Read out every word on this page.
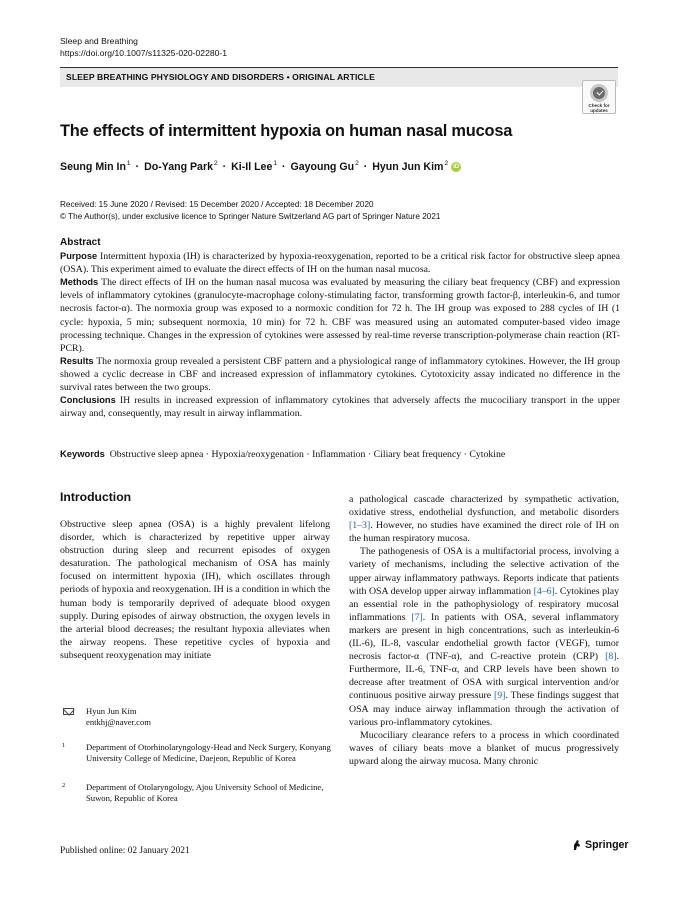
Sleep and Breathing
https://doi.org/10.1007/s11325-020-02280-1
SLEEP BREATHING PHYSIOLOGY AND DISORDERS • ORIGINAL ARTICLE
Check for updates
The effects of intermittent hypoxia on human nasal mucosa
Seung Min $In^1$ · Do-Yang Park$^2$ · Ki-Il Lee$^1$ · Gayoung $Gu^2$ · Hyun Jun Kim$^2$ iD
Received: 15 June 2020 / Revised: 15 December 2020 / Accepted: 18 December 2020
© The Author(s), under exclusive licence to Springer Nature Switzerland AG part of Springer Nature 2021
Abstract

Purpose Intermittent hypoxia (IH) is characterized by hypoxia-reoxygenation, reported to be a critical risk factor for obstructive sleep apnea (OSA). This experiment aimed to evaluate the direct effects of IH on the human nasal mucosa.

Methods The direct effects of IH on the human nasal mucosa was evaluated by measuring the ciliary beat frequency (CBF) and expression levels of inflammatory cytokines (granulocyte-macrophage colony-stimulating factor, transforming growth factor-β, interleukin-6, and tumor necrosis factor-α). The normoxia group was exposed to a normoxic condition for 72 h. The IH group was exposed to 288 cycles of IH (1 cycle: hypoxia, 5 min; subsequent normoxia, 10 min) for 72 h. CBF was measured using an automated computer-based video image processing technique. Changes in the expression of cytokines were assessed by real-time reverse transcription-polymerase chain reaction (RT-PCR).

Results The normoxia group revealed a persistent CBF pattern and a physiological range of inflammatory cytokines. However, the IH group showed a cyclic decrease in CBF and increased expression of inflammatory cytokines. Cytotoxicity assay indicated no difference in the survival rates between the two groups.

Conclusions IH results in increased expression of inflammatory cytokines that adversely affects the mucociliary transport in the upper airway and, consequently, may result in airway inflammation.

Keywords Obstructive sleep apnea · Hypoxia/reoxygenation · Inflammation · Ciliary beat frequency · Cytokine
Introduction

Obstructive sleep apnea (OSA) is a highly prevalent lifelong disorder, which is characterized by repetitive upper airway obstruction during sleep and recurrent episodes of oxygen desaturation. The pathological mechanism of OSA has mainly focused on intermittent hypoxia (IH), which oscillates through periods of hypoxia and reoxygenation. IH is a condition in which the human body is temporarily deprived of adequate blood oxygen supply. During episodes of airway obstruction, the oxygen levels in the arterial blood decreases; the resultant hypoxia alleviates when the airway reopens. These repetitive cycles of hypoxia and subsequent reoxygenation may initiate

a pathological cascade characterized by sympathetic activation, oxidative stress, endothelial dysfunction, and metabolic disorders [1–3]. However, no studies have examined the direct role of IH on the human respiratory mucosa.

The pathogenesis of OSA is a multifactorial process, involving a variety of mechanisms, including the selective activation of the upper airway inflammatory pathways. Reports indicate that patients with OSA develop upper airway inflammation [4–6]. Cytokines play an essential role in the pathophysiology of respiratory mucosal inflammations [7]. In patients with OSA, several inflammatory markers are present in high concentrations, such as interleukin-6 (IL-6), IL-8, vascular endothelial growth factor (VEGF), tumor necrosis factor-α (TNF-α), and C-reactive protein (CRP) [8]. Furthermore, IL-6, TNF-α, and CRP levels have been shown to decrease after treatment of OSA with surgical intervention and/or continuous positive airway pressure [9]. These findings suggest that OSA may induce airway inflammation through the activation of various pro-inflammatory cytokines.

Mucociliary clearance refers to a process in which coordinated waves of ciliary beats move a blanket of mucus progressively upward along the airway mucosa. Many chronic

Hyun Jun Kim
entkhj@naver.com
1 Department of Otorhinolaryngology-Head and Neck Surgery, Konyang University College of Medicine, Daejeon, Republic of Korea
2 Department of Otolaryngology, Ajou University School of Medicine, Suwon, Republic of Korea
Published online: 02 January 2021	Springer
